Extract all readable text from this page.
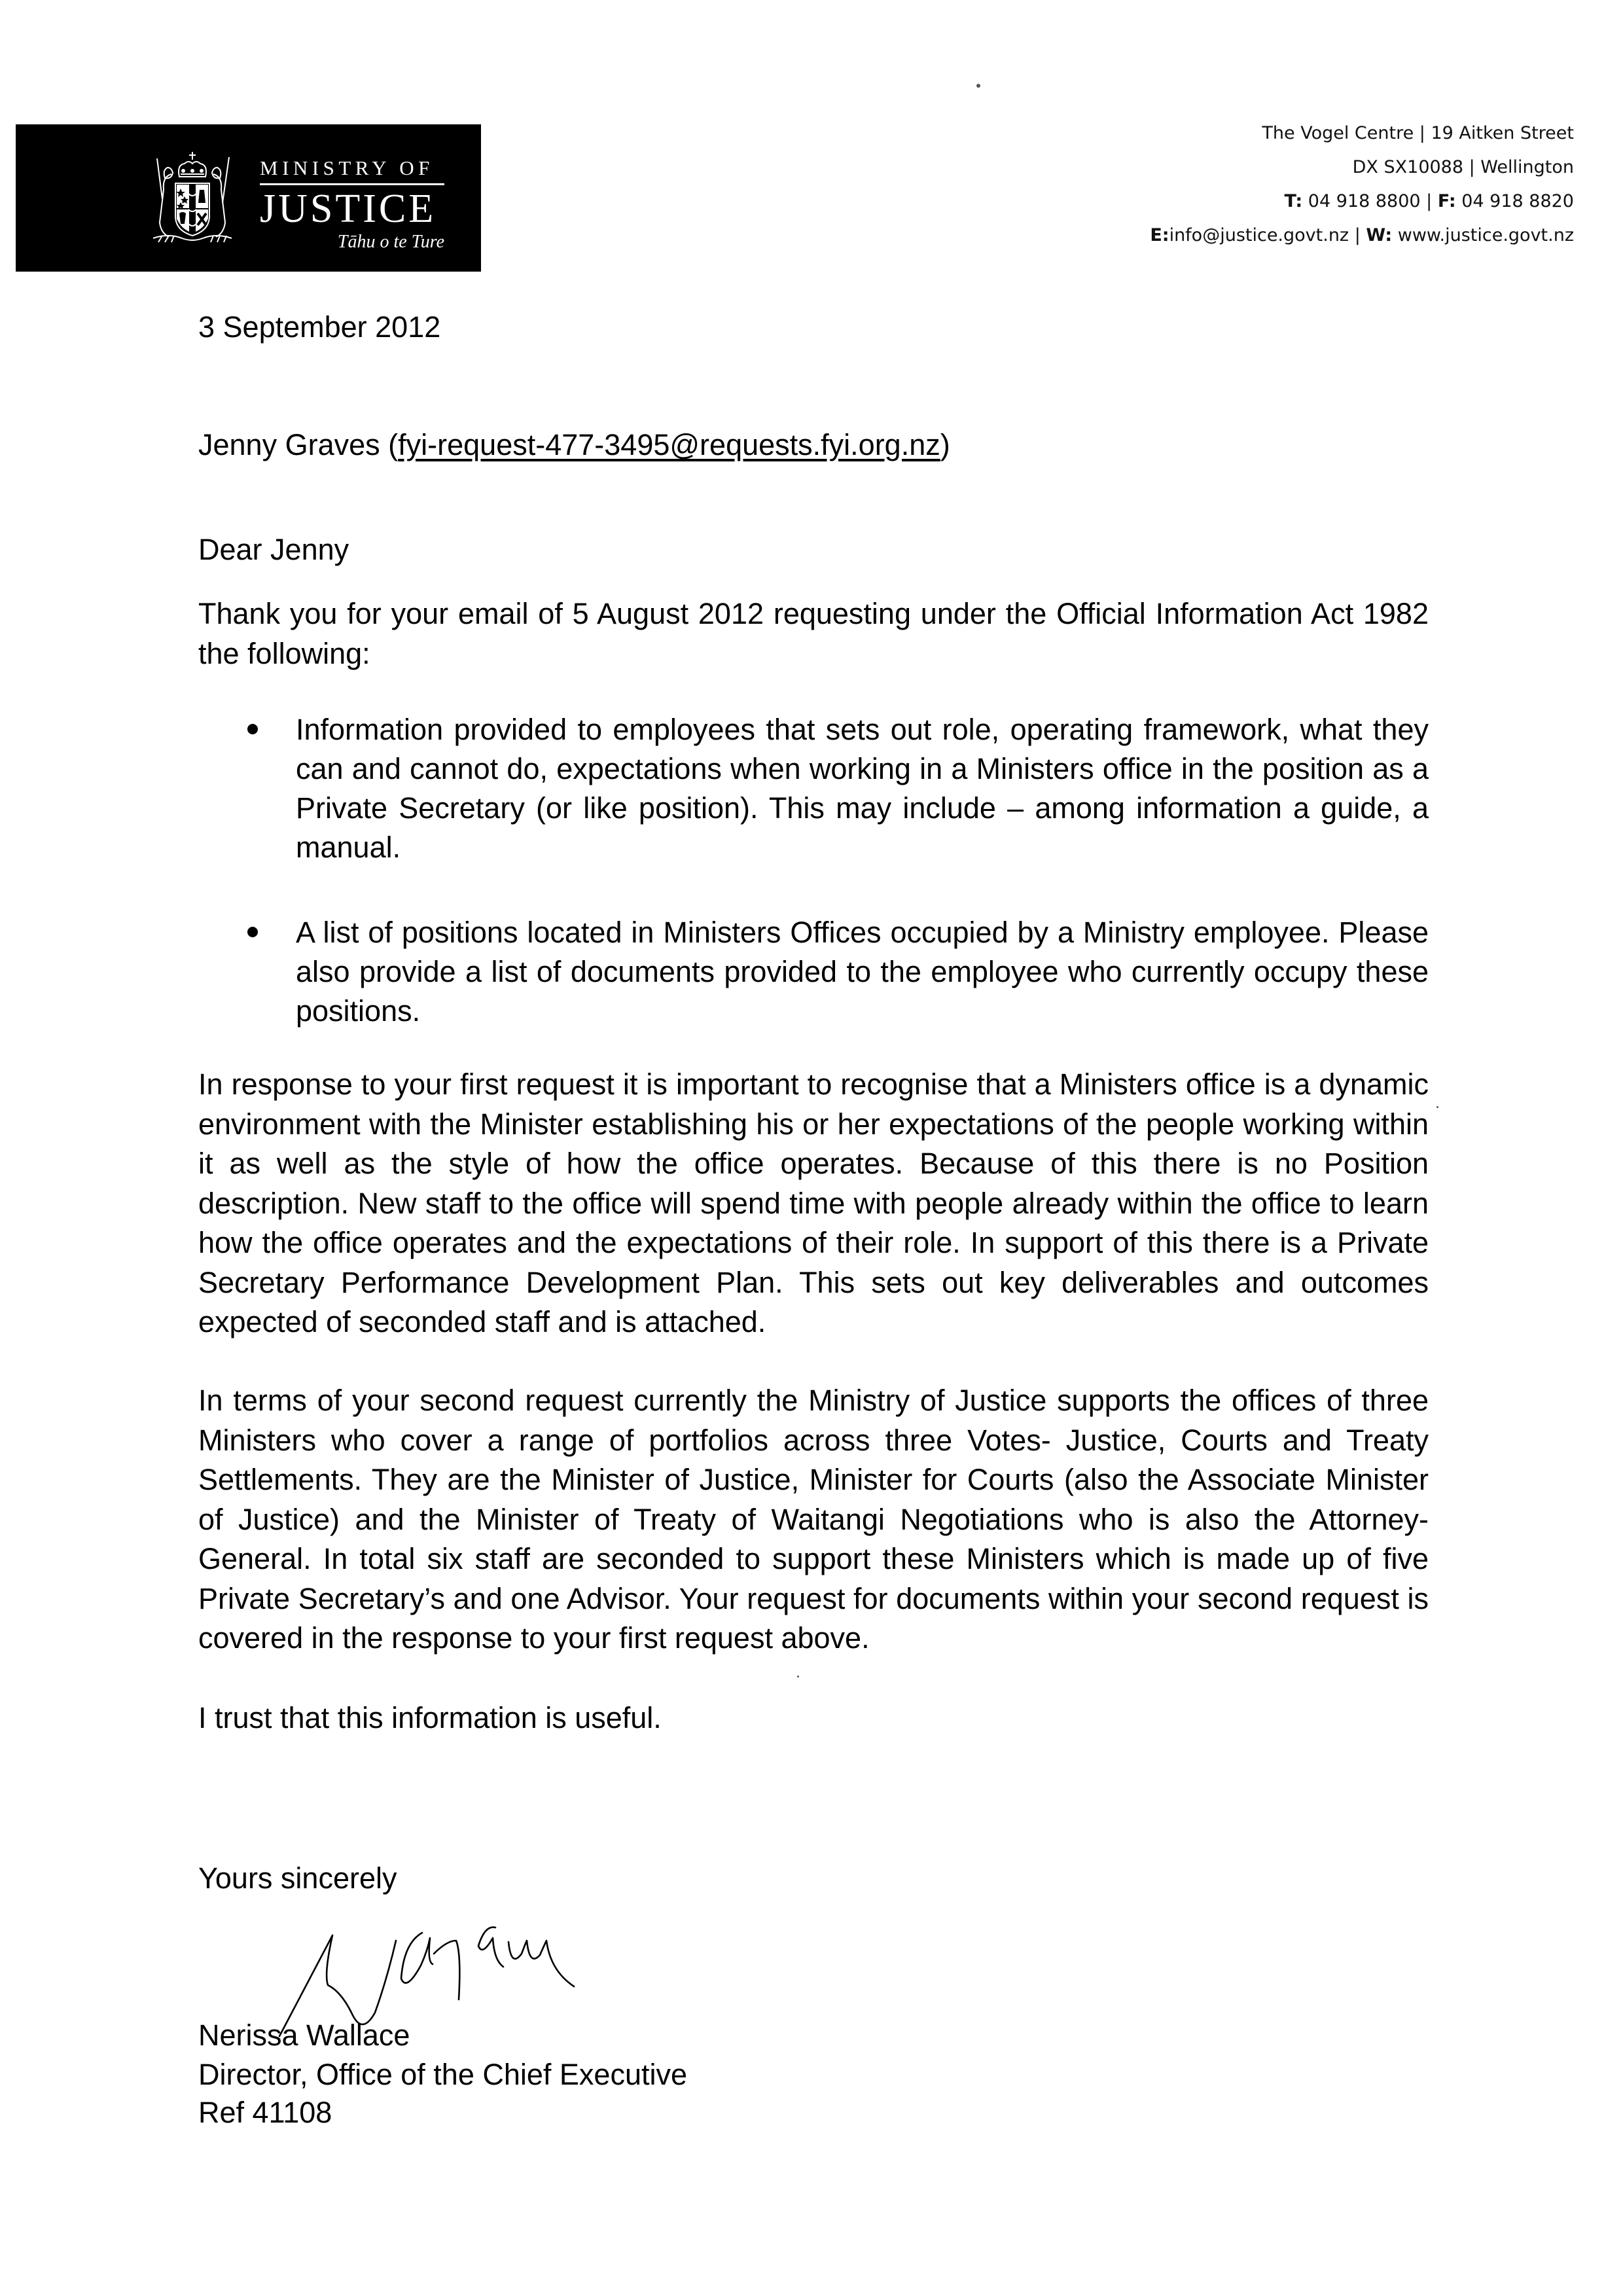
MINISTRY OF
JUSTICE
Tāhu o te Ture
The Vogel Centre | 19 Aitken Street
DX SX10088 | Wellington
T: 04 918 8800 | F: 04 918 8820
E:info@justice.govt.nz | W: www.justice.govt.nz
3 September 2012
Jenny Graves (fyi-request-477-3495@requests.fyi.org.nz)
Dear Jenny
Thank you for your email of 5 August 2012 requesting under the Official Information Act 1982 the following:
Information provided to employees that sets out role, operating framework, what they can and cannot do, expectations when working in a Ministers office in the position as a Private Secretary (or like position). This may include – among information a guide, a manual.
A list of positions located in Ministers Offices occupied by a Ministry employee. Please also provide a list of documents provided to the employee who currently occupy these positions.
In response to your first request it is important to recognise that a Ministers office is a dynamic environment with the Minister establishing his or her expectations of the people working within it as well as the style of how the office operates. Because of this there is no Position description. New staff to the office will spend time with people already within the office to learn how the office operates and the expectations of their role. In support of this there is a Private Secretary Performance Development Plan. This sets out key deliverables and outcomes expected of seconded staff and is attached.
In terms of your second request currently the Ministry of Justice supports the offices of three Ministers who cover a range of portfolios across three Votes- Justice, Courts and Treaty Settlements. They are the Minister of Justice, Minister for Courts (also the Associate Minister of Justice) and the Minister of Treaty of Waitangi Negotiations who is also the Attorney-General. In total six staff are seconded to support these Ministers which is made up of five Private Secretary’s and one Advisor. Your request for documents within your second request is covered in the response to your first request above.
I trust that this information is useful.
Yours sincerely
Nerissa Wallace
Director, Office of the Chief Executive
Ref 41108
